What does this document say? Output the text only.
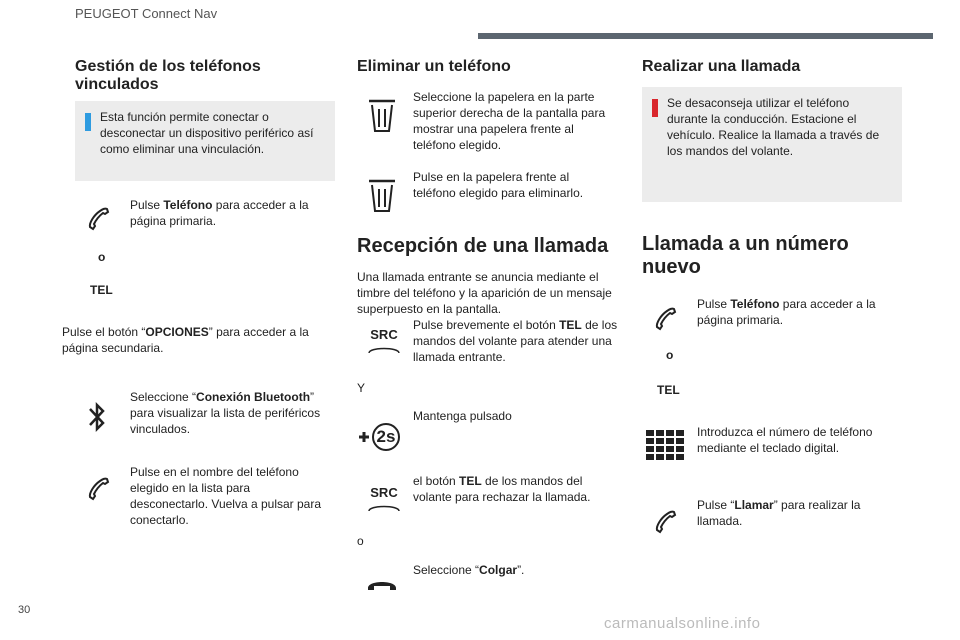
PEUGEOT Connect Nav
Gestión de los teléfonos vinculados
Esta función permite conectar o desconectar un dispositivo periférico así como eliminar una vinculación.
Pulse Teléfono para acceder a la página primaria.
o
TEL
Pulse el botón “OPCIONES” para acceder a la página secundaria.
Seleccione “Conexión Bluetooth” para visualizar la lista de periféricos vinculados.
Pulse en el nombre del teléfono elegido en la lista para desconectarlo. Vuelva a pulsar para conectarlo.
Eliminar un teléfono
Seleccione la papelera en la parte superior derecha de la pantalla para mostrar una papelera frente al teléfono elegido.
Pulse en la papelera frente al teléfono elegido para eliminarlo.
Recepción de una llamada
Una llamada entrante se anuncia mediante el timbre del teléfono y la aparición de un mensaje superpuesto en la pantalla.
SRC
Pulse brevemente el botón TEL de los mandos del volante para atender una llamada entrante.
Y
2s
Mantenga pulsado
SRC
el botón TEL de los mandos del volante para rechazar la llamada.
o
Seleccione “Colgar”.
Realizar una llamada
Se desaconseja utilizar el teléfono durante la conducción. Estacione el vehículo. Realice la llamada a través de los mandos del volante.
Llamada a un número nuevo
Pulse Teléfono para acceder a la página primaria.
o
TEL
Introduzca el número de teléfono mediante el teclado digital.
Pulse “Llamar” para realizar la llamada.
30
carmanualsonline.info
